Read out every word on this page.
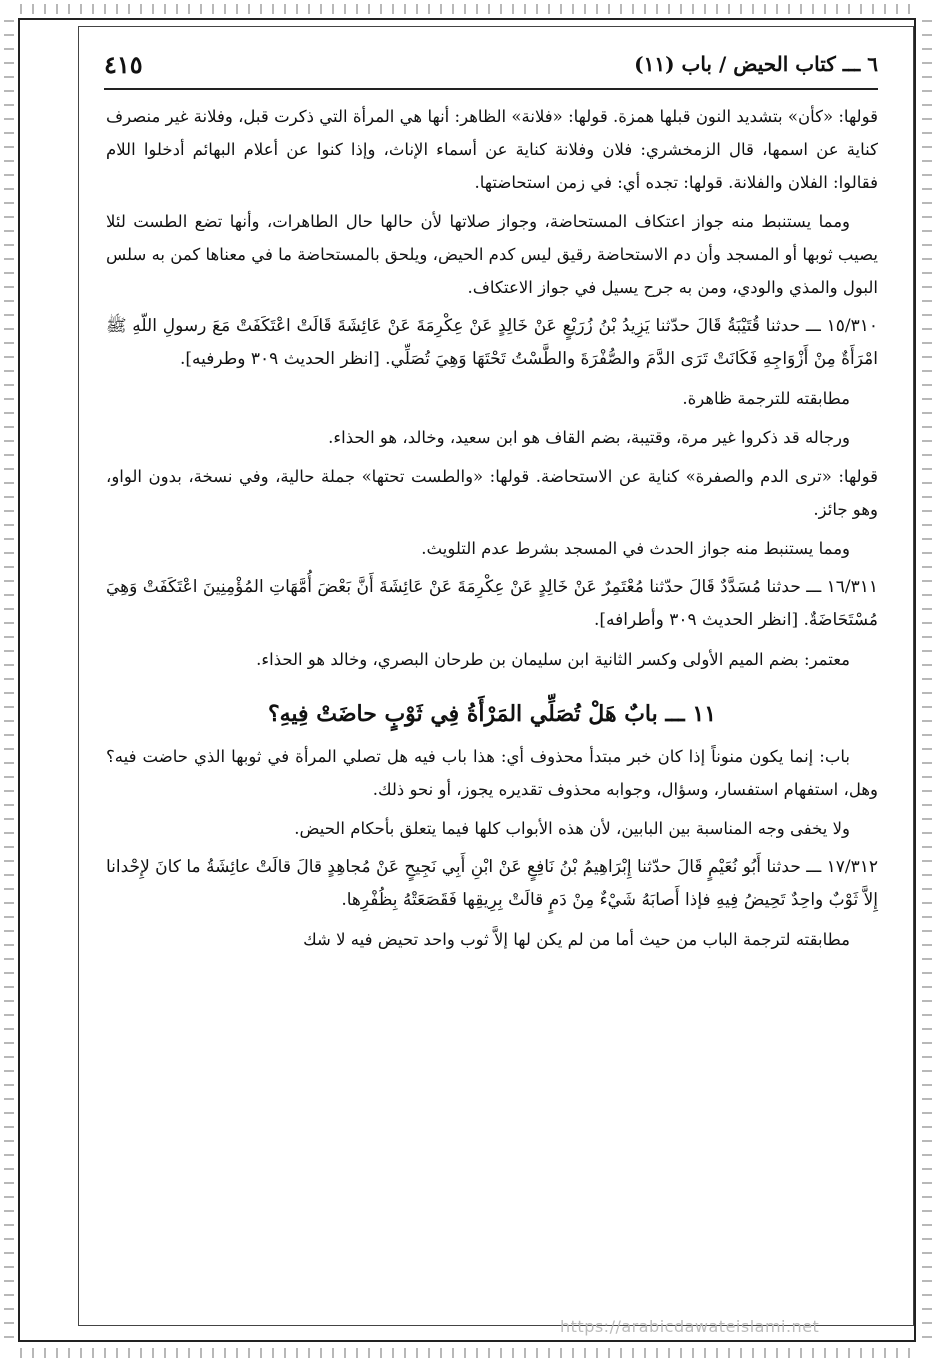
٦ ـــ كتاب الحيض / باب (١١)
٤١٥

قولها: «كأن» بتشديد النون قبلها همزة. قولها: «فلانة» الظاهر: أنها هي المرأة التي ذكرت قبل، وفلانة غير منصرف كناية عن اسمها، قال الزمخشري: فلان وفلانة كناية عن أسماء الإناث، وإذا كنوا عن أعلام البهائم أدخلوا اللام فقالوا: الفلان والفلانة. قولها: تجده أي: في زمن استحاضتها.

ومما يستنبط منه جواز اعتكاف المستحاضة، وجواز صلاتها لأن حالها حال الطاهرات، وأنها تضع الطست لئلا يصيب ثوبها أو المسجد وأن دم الاستحاضة رقيق ليس كدم الحيض، ويلحق بالمستحاضة ما في معناها كمن به سلس البول والمذي والودي، ومن به جرح يسيل في جواز الاعتكاف.

١٥/٣١٠ ـــ حدثنا قُتَيْبَةُ قَالَ حدّثنا يَزِيدُ بْنُ زُرَيْعٍ عَنْ خَالِدٍ عَنْ عِكْرِمَةَ عَنْ عَائِشَةَ قَالَتْ اعْتَكَفَتْ مَعَ رسولِ اللّهِ ﷺ امْرَأَةٌ مِنْ أَزْوَاجِهِ فَكَانَتْ تَرَى الدَّمَ والصُّفْرَةَ والطَّسْتُ تَحْتَهَا وَهِيَ تُصَلِّي. [انظر الحديث ٣٠٩ وطرفيه].

مطابقته للترجمة ظاهرة.

ورجاله قد ذكروا غير مرة، وقتيبة، بضم القاف هو ابن سعيد، وخالد، هو الحذاء.

قولها: «ترى الدم والصفرة» كناية عن الاستحاضة. قولها: «والطست تحتها» جملة حالية، وفي نسخة، بدون الواو، وهو جائز.

ومما يستنبط منه جواز الحدث في المسجد بشرط عدم التلويث.

١٦/٣١١ ـــ حدثنا مُسَدَّدٌ قَالَ حدّثنا مُعْتَمِرٌ عَنْ خَالِدٍ عَنْ عِكْرِمَةَ عَنْ عَائِشَةَ أَنَّ بَعْضَ أُمَّهَاتِ المُؤْمِنِينَ اعْتَكَفَتْ وَهِيَ مُسْتَحَاضَةٌ. [انظر الحديث ٣٠٩ وأطرافه].

معتمر: بضم الميم الأولى وكسر الثانية ابن سليمان بن طرحان البصري، وخالد هو الحذاء.

١١ ـــ بابٌ هَلْ تُصَلِّي المَرْأَةُ فِي ثَوْبٍ حاضَتْ فِيهِ؟

باب: إنما يكون منوناً إذا كان خبر مبتدأ محذوف أي: هذا باب فيه هل تصلي المرأة في ثوبها الذي حاضت فيه؟ وهل، استفهام استفسار، وسؤال، وجوابه محذوف تقديره يجوز، أو نحو ذلك.

ولا يخفى وجه المناسبة بين البابين، لأن هذه الأبواب كلها فيما يتعلق بأحكام الحيض.

١٧/٣١٢ ـــ حدثنا أَبُو نُعَيْمٍ قَالَ حدّثنا إِبْرَاهِيمُ بْنُ نَافِعٍ عَنْ ابْنِ أَبِي نَجِيحٍ عَنْ مُجاهِدٍ قالَ قالَتْ عائِشَةُ ما كانَ لإِحْدانا إِلاَّ ثَوْبٌ واحِدٌ تَحِيضُ فِيهِ فإذا أَصابَهُ شَيْءٌ مِنْ دَمٍ قالَتْ بِرِيقِها فَقَصَعَتْهُ بِظُفْرِها.

مطابقته لترجمة الباب من حيث أما من لم يكن لها إلاَّ ثوب واحد تحيض فيه لا شك

https://arabicdawateislami.net
